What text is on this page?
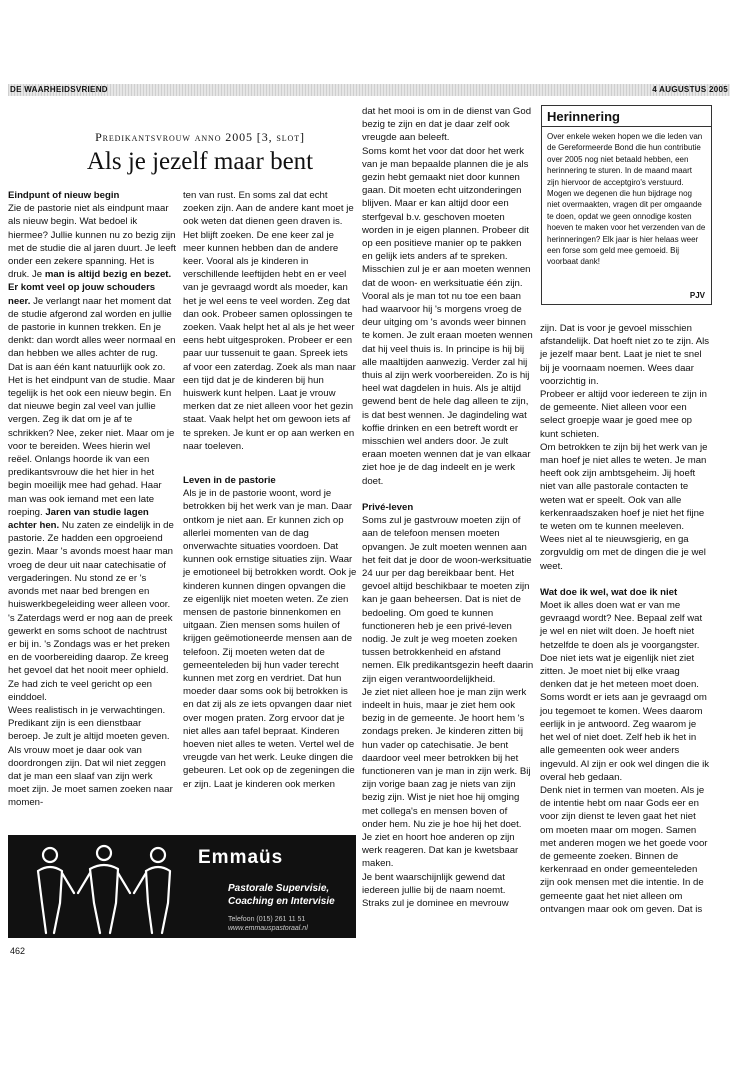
DE WAARHEIDSVRIEND	4 AUGUSTUS 2005
Predikantsvrouw anno 2005 [3, slot]
Als je jezelf maar bent
Eindpunt of nieuw begin

Zie de pastorie niet als eindpunt maar als nieuw begin. Wat bedoel ik hiermee? Jullie kunnen nu zo bezig zijn met de studie die al jaren duurt. Je leeft onder een zekere spanning. Het is druk. Je man is altijd bezig en bezet. Er komt veel op jouw schouders neer. Je verlangt naar het moment dat de studie afgerond zal worden en jullie de pastorie in kunnen trekken. En je denkt: dan wordt alles weer normaal en dan hebben we alles achter de rug.

Dat is aan één kant natuurlijk ook zo. Het is het eindpunt van de studie. Maar tegelijk is het ook een nieuw begin. En dat nieuwe begin zal veel van jullie vergen. Zeg ik dat om je af te schrikken? Nee, zeker niet. Maar om je voor te bereiden. Wees hierin wel reëel. Onlangs hoorde ik van een predikantsvrouw die het hier in het begin moeilijk mee had gehad. Haar man was ook iemand met een late roeping. Jaren van studie lagen achter hen. Nu zaten ze eindelijk in de pastorie. Ze hadden een opgroeiend gezin. Maar 's avonds moest haar man vroeg de deur uit naar catechisatie of vergaderingen. Nu stond ze er 's avonds met naar bed brengen en huiswerkbegeleiding weer alleen voor. 's Zaterdags werd er nog aan de preek gewerkt en soms schoot de nachtrust er bij in. 's Zondags was er het preken en de voorbereiding daarop. Ze kreeg het gevoel dat het nooit meer ophield. Ze had zich te veel gericht op een einddoel.

Wees realistisch in je verwachtingen. Predikant zijn is een dienstbaar beroep. Je zult je altijd moeten geven. Als vrouw moet je daar ook van doordrongen zijn. Dat wil niet zeggen dat je man een slaaf van zijn werk moet zijn. Je moet samen zoeken naar momen-

ten van rust. En soms zal dat echt zoeken zijn. Aan de andere kant moet je ook weten dat dienen geen draven is. Het blijft zoeken. De ene keer zal je meer kunnen hebben dan de andere keer. Vooral als je kinderen in verschillende leeftijden hebt en er veel van je gevraagd wordt als moeder, kan het je wel eens te veel worden. Zeg dat dan ook. Probeer samen oplossingen te zoeken. Vaak helpt het al als je het weer eens hebt uitgesproken. Probeer er een paar uur tussenuit te gaan. Spreek iets af voor een zaterdag. Zoek als man naar een tijd dat je de kinderen bij hun huiswerk kunt helpen. Laat je vrouw merken dat ze niet alleen voor het gezin staat. Vaak helpt het om gewoon iets af te spreken. Je kunt er op aan werken en naar toeleven.

Leven in de pastorie

Als je in de pastorie woont, word je betrokken bij het werk van je man. Daar ontkom je niet aan. Er kunnen zich op allerlei momenten van de dag onverwachte situaties voordoen. Dat kunnen ook ernstige situaties zijn. Waar je emotioneel bij betrokken wordt. Ook je kinderen kunnen dingen opvangen die ze eigenlijk niet moeten weten. Ze zien mensen de pastorie binnenkomen en uitgaan. Zien mensen soms huilen of krijgen geëmotioneerde mensen aan de telefoon. Zij moeten weten dat de gemeenteleden bij hun vader terecht kunnen met zorg en verdriet. Dat hun moeder daar soms ook bij betrokken is en dat zij als ze iets opvangen daar niet over mogen praten. Zorg ervoor dat je niet alles aan tafel bepraat. Kinderen hoeven niet alles te weten. Vertel wel de vreugde van het werk. Leuke dingen die gebeuren. Let ook op de zegeningen die er zijn. Laat je kinderen ook merken

dat het mooi is om in de dienst van God bezig te zijn en dat je daar zelf ook vreugde aan beleeft.

Soms komt het voor dat door het werk van je man bepaalde plannen die je als gezin hebt gemaakt niet door kunnen gaan. Dit moeten echt uitzonderingen blijven. Maar er kan altijd door een sterfgeval b.v. geschoven moeten worden in je eigen plannen. Probeer dit op een positieve manier op te pakken en gelijk iets anders af te spreken.

Misschien zul je er aan moeten wennen dat de woon- en werksituatie één zijn. Vooral als je man tot nu toe een baan had waarvoor hij 's morgens vroeg de deur uitging om 's avonds weer binnen te komen. Je zult eraan moeten wennen dat hij veel thuis is. In principe is hij bij alle maaltijden aanwezig. Verder zal hij thuis al zijn werk voorbereiden. Zo is hij heel wat dagdelen in huis. Als je altijd gewend bent de hele dag alleen te zijn, is dat best wennen. Je dagindeling wat koffie drinken en een betreft wordt er misschien wel anders door. Je zult eraan moeten wennen dat je van elkaar ziet hoe je de dag indeelt en je werk doet.

Privé-leven

Soms zul je gastvrouw moeten zijn of aan de telefoon mensen moeten opvangen. Je zult moeten wennen aan het feit dat je door de woon-werksituatie 24 uur per dag bereikbaar bent. Het gevoel altijd beschikbaar te moeten zijn kan je gaan beheersen. Dat is niet de bedoeling. Om goed te kunnen functioneren heb je een privé-leven nodig. Je zult je weg moeten zoeken tussen betrokkenheid en afstand nemen. Elk predikantsgezin heeft daarin zijn eigen verantwoordelijkheid.

Je ziet niet alleen hoe je man zijn werk indeelt in huis, maar je ziet hem ook bezig in de gemeente. Je hoort hem 's zondags preken. Je kinderen zitten bij hun vader op catechisatie. Je bent daardoor veel meer betrokken bij het functioneren van je man in zijn werk. Bij zijn vorige baan zag je niets van zijn bezig zijn. Wist je niet hoe hij omging met collega's en mensen boven of onder hem. Nu zie je hoe hij het doet. Je ziet en hoort hoe anderen op zijn werk reageren. Dat kan je kwetsbaar maken.

Je bent waarschijnlijk gewend dat iedereen jullie bij de naam noemt. Straks zul je dominee en mevrouw

Herinnering

Over enkele weken hopen we die leden van de Gereformeerde Bond die hun contributie over 2005 nog niet betaald hebben, een herinnering te sturen. In de maand maart zijn hiervoor de acceptgiro's verstuurd. Mogen we degenen die hun bijdrage nog niet overmaakten, vragen dit per omgaande te doen, opdat we geen onnodige kosten hoeven te maken voor het verzenden van de herinneringen? Elk jaar is hier helaas weer een forse som geld mee gemoeid. Bij voorbaat dank!

PJV

zijn. Dat is voor je gevoel misschien afstandelijk. Dat hoeft niet zo te zijn. Als je jezelf maar bent. Laat je niet te snel bij je voornaam noemen. Wees daar voorzichtig in.

Probeer er altijd voor iedereen te zijn in de gemeente. Niet alleen voor een select groepje waar je goed mee op kunt schieten.

Om betrokken te zijn bij het werk van je man hoef je niet alles te weten. Je man heeft ook zijn ambtsgeheim. Jij hoeft niet van alle pastorale contacten te weten wat er speelt. Ook van alle kerkenraadszaken hoef je niet het fijne te weten om te kunnen meeleven. Wees niet al te nieuwsgierig, en ga zorgvuldig om met de dingen die je wel weet.

Wat doe ik wel, wat doe ik niet

Moet ik alles doen wat er van me gevraagd wordt? Nee. Bepaal zelf wat je wel en niet wilt doen. Je hoeft niet hetzelfde te doen als je voorgangster. Doe niet iets wat je eigenlijk niet ziet zitten. Je moet niet bij elke vraag denken dat je het meteen moet doen. Soms wordt er iets aan je gevraagd om jou tegemoet te komen. Wees daarom eerlijk in je antwoord. Zeg waarom je het wel of niet doet. Zelf heb ik het in alle gemeenten ook weer anders ingevuld. Al zijn er ook wel dingen die ik overal heb gedaan.

Denk niet in termen van moeten. Als je de intentie hebt om naar Gods eer en voor zijn dienst te leven gaat het niet om moeten maar om mogen. Samen met anderen mogen we het goede voor de gemeente zoeken. Binnen de kerkenraad en onder gemeenteleden zijn ook mensen met die intentie. In de gemeente gaat het niet alleen om ontvangen maar ook om geven. Dat is

Emmaüs
Pastorale Supervisie,
Coaching en Intervisie
Telefoon (015) 261 11 51
www.emmauspastoraal.nl
462
